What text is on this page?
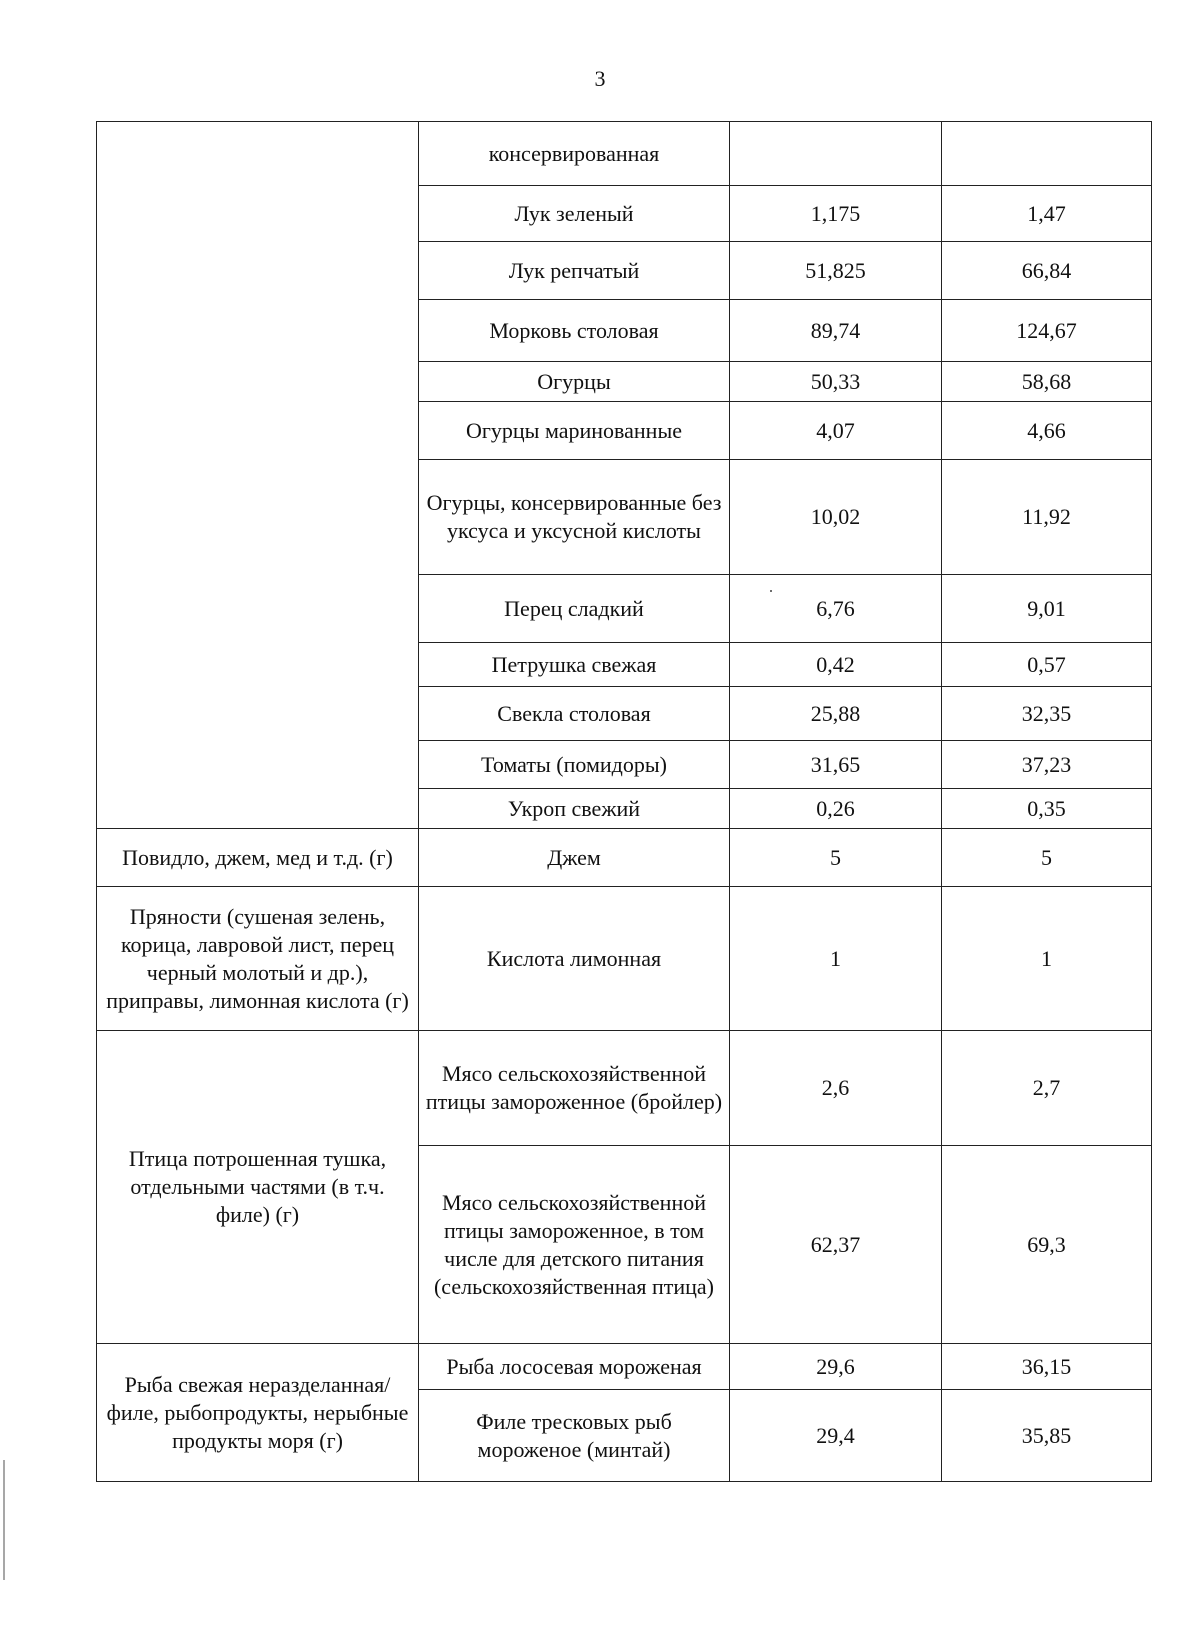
3
	консервированная		
	Лук зеленый	1,175	1,47
	Лук репчатый	51,825	66,84
	Морковь столовая	89,74	124,67
	Огурцы	50,33	58,68
	Огурцы маринованные	4,07	4,66
	Огурцы, консервированные без уксуса и уксусной кислоты	10,02	11,92
	Перец сладкий	6,76	9,01
	Петрушка свежая	0,42	0,57
	Свекла столовая	25,88	32,35
	Томаты (помидоры)	31,65	37,23
	Укроп свежий	0,26	0,35
Повидло, джем, мед и т.д. (г)	Джем	5	5
Пряности (сушеная зелень, корица, лавровой лист, перец черный молотый и др.), приправы, лимонная кислота (г)	Кислота лимонная	1	1
Птица потрошенная тушка, отдельными частями (в т.ч. филе) (г)	Мясо сельскохозяйственной птицы замороженное (бройлер)	2,6	2,7
	Мясо сельскохозяйственной птицы замороженное, в том числе для детского питания (сельскохозяйственная птица)	62,37	69,3
Рыба свежая неразделанная/филе, рыбопродукты, нерыбные продукты моря (г)	Рыба лососевая мороженая	29,6	36,15
	Филе тресковых рыб мороженое (минтай)	29,4	35,85
